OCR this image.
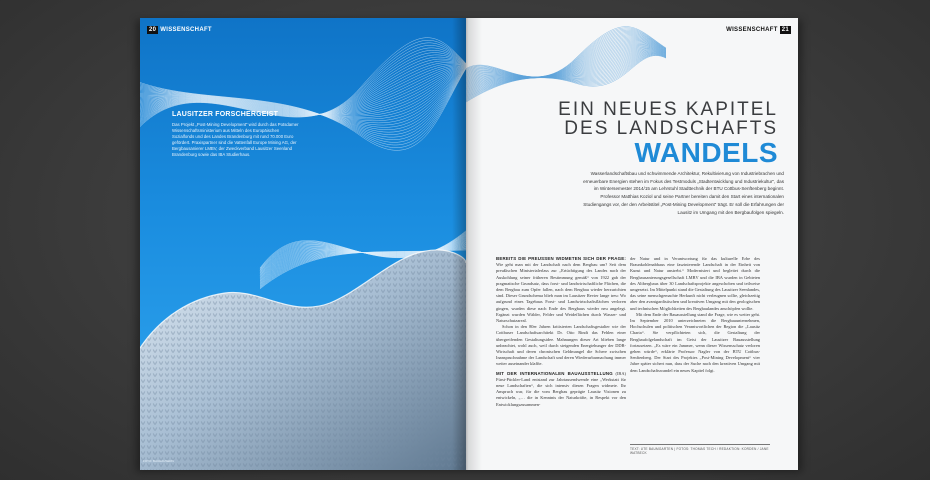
20 WISSENSCHAFT
LAUSITZER FORSCHERGEIST
Das Projekt „Post-Mining Development“ wird durch das Potsdamer Wissenschaftsministerium aus Mitteln des Europäischen Sozialfonds und des Landes Brandenburg mit rund 70.000 Euro gefördert. Praxispartner sind die Vattenfall Europe Mining AG, der Bergbausanierer LMBV, der Zweckverband Lausitzer Seenland Brandenburg sowie das IBA Studierhaus.
FOTO: BAUHAUSERN
WISSENSCHAFT 21
EIN NEUES KAPITEL
DES LANDSCHAFTS
WANDELS
Wasserlandschaftsbau und schwimmende Architektur, Rekultivierung von Industriebrachen und erneuerbare Energien stehen im Fokus des Testmoduls „Stadtentwicklung und Industriekultur“, das im Wintersemester 2014/15 am Lehrstuhl Stadttechnik der BTU Cottbus-Senftenberg beginnt. Professor Matthias Koziol und seine Partner bereiten damit den Start eines internationalen Studiengangs vor, der den Arbeitstitel „Post-Mining Development“ trägt. Er soll die Erfahrungen der Lausitz im Umgang mit den Bergbaufolgen spiegeln.

BEREITS DIE PREUSSEN WIDMETEN SICH DER FRAGE: Wie geht man mit der Landschaft nach dem Bergbau um? Seit dem preußischen Ministerialerlass zur „Ertüchtigung des Landes nach der Auskohlung seiner früheren Bestimmung gemäß“ von 1922 gab der pragmatische Grundsatz, dass forst- und landwirtschaftliche Flächen, die dem Bergbau zum Opfer fallen, nach dem Bergbau wieder herzurichten sind. Dieser Grundschema blieb man im Lausitzer Revier lange treu: Wo aufgrund eines Tagebaus Forst- und Landwirtschaftsflächen verloren gingen, wurden diese nach Ende des Bergbaus wieder neu angelegt. Ergänzt wurden Wälder, Felder und Weideflächen durch Wasser- und Naturschutzareal.

Schon in den 80er Jahren kritisierten Landschaftsgestalter wie der Cottbuser Landschaftsarchitekt Dr. Otto Rindt das Fehlen einer übergreifenden Gestaltungsidee. Mahnungen dieser Art blieben lange unbeachtet, wohl auch, weil durch steigenden Energiehunger der DDR-Wirtschaft und deren chronischen Geldmangel die Schere zwischen Inanspruchnahme der Landschaft und deren Wiederurbarmachung immer weiter auseinander klaffte.

MIT DER INTERNATIONALEN BAUAUSSTELLUNG (IBA) Fürst-Pückler-Land entstand zur Jahrtausendwende eine „Werkstatt für neue Landschaften“, die sich intensiv diesen Fragen widmete. Ihr Anspruch war, für die vom Bergbau geprägte Lausitz Visionen zu entwickeln, „… die in Kenntnis der Naturkräfte, in Respekt vor den Entwicklungszusammen-

der Natur und in Verantwortung für das kulturelle Erbe des Braunkohlenabbaus eine faszinierende Landschaft in der Einheit von Kunst und Natur anstrebt.“ Modernisiert und begleitet durch die Bergbausanierungsgesellschaft LMBV und die IBA wurden in Gebieten des Altbergbaus über 30 Landschaftsprojekte angeschoben und teilweise umgesetzt. Im Mittelpunkt stand die Gestaltung des Lausitzer Seenlandes, das seine menschgemachte Herkunft nicht verleugnen sollte, gleichzeitig aber den avantgardistischen und kreativen Umgang mit den geologischen und technischen Möglichkeiten des Bergbaulandes anschöpfen wollte.

Mit dem Ende der Bauausstellung stand die Frage, wie es weiter geht. Im September 2010 unterzeichneten die Bergbauunternehmen, Hochschulen und politischen Verantwortlichen der Region die „Lausitz Charta“. Sie verpflichteten sich, die Gestaltung der Bergbaufolgelandschaft im Geist der Lausitzer Bauausstellung fortzusetzen. „Es wäre ein Jammer, wenn dieser Wissensschatz verloren gehen würde“, erklärte Professor Nagler von der BTU Cottbus-Senftenberg. Der Start des Projektes „Post-Mining Development“ vier Jahre später sichert nun, dass der Suche nach den kreativen Umgang mit dem Landschaftswandel ein neues Kapitel folgt.

TEXT: UTE BAUMGARTEN | FOTOS: THOMAS TECH / REDAKTION: KORDEN / JANE WATBECK
